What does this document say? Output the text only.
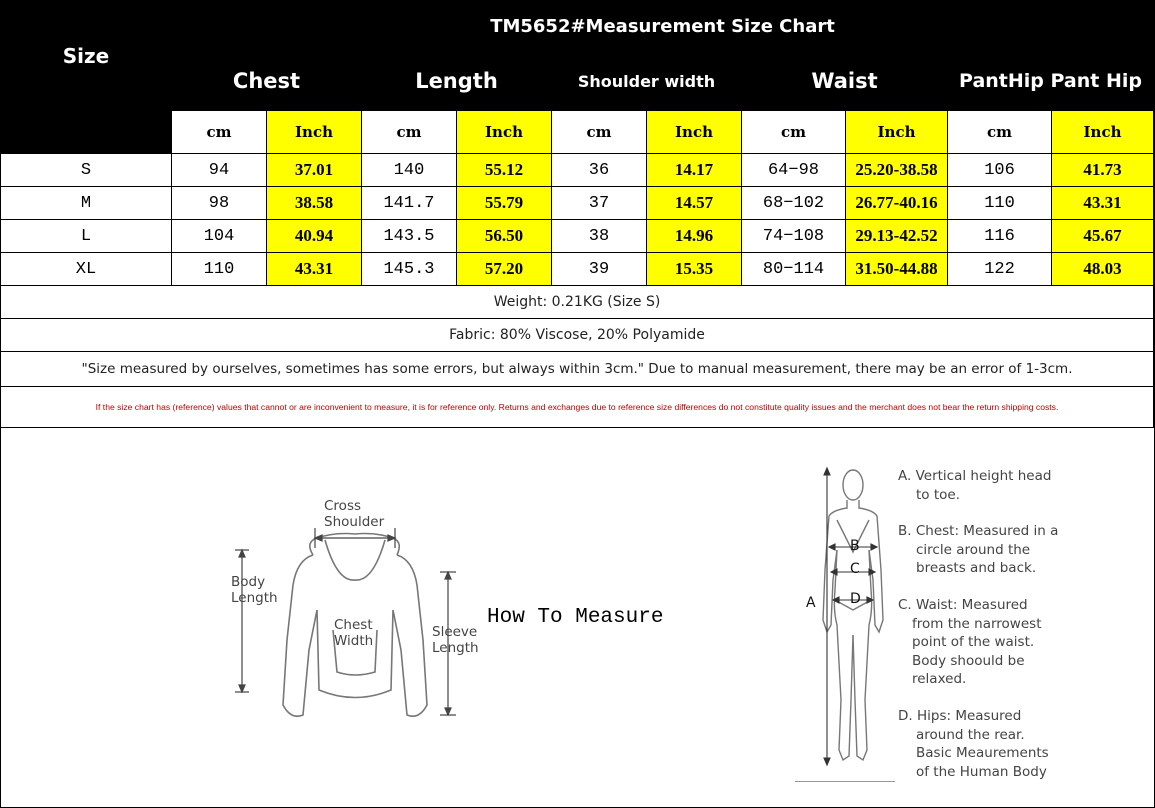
Size	TM5652#Measurement Size Chart									
	Chest		Length		Shoulder width		Waist		PantHip Pant Hip	
	cm	Inch	cm	Inch	cm	Inch	cm	Inch	cm	Inch
S	94	37.01	140	55.12	36	14.17	64−98	25.20-38.58	106	41.73
M	98	38.58	141.7	55.79	37	14.57	68−102	26.77-40.16	110	43.31
L	104	40.94	143.5	56.50	38	14.96	74−108	29.13-42.52	116	45.67
XL	110	43.31	145.3	57.20	39	15.35	80−114	31.50-44.88	122	48.03
Weight: 0.21KG (Size S)										
Fabric: 80% Viscose, 20% Polyamide										
"Size measured by ourselves, sometimes has some errors, but always within 3cm." Due to manual measurement, there may be an error of 1-3cm.										
If the size chart has (reference) values that cannot or are inconvenient to measure, it is for reference only. Returns and exchanges due to reference size differences do not constitute quality issues and the merchant does not bear the return shipping costs.										
Cross
Shoulder
Body
Length
Chest
Width
Sleeve
Length
How To Measure
A
B
C
D
A. Vertical height head
to toe.
B. Chest: Measured in a
circle around the
breasts and back.
C. Waist: Measured
from the narrowest
point of the waist.
Body shoould be
relaxed.
D. Hips: Measured
around the rear.
Basic Meaurements
of the Human Body
